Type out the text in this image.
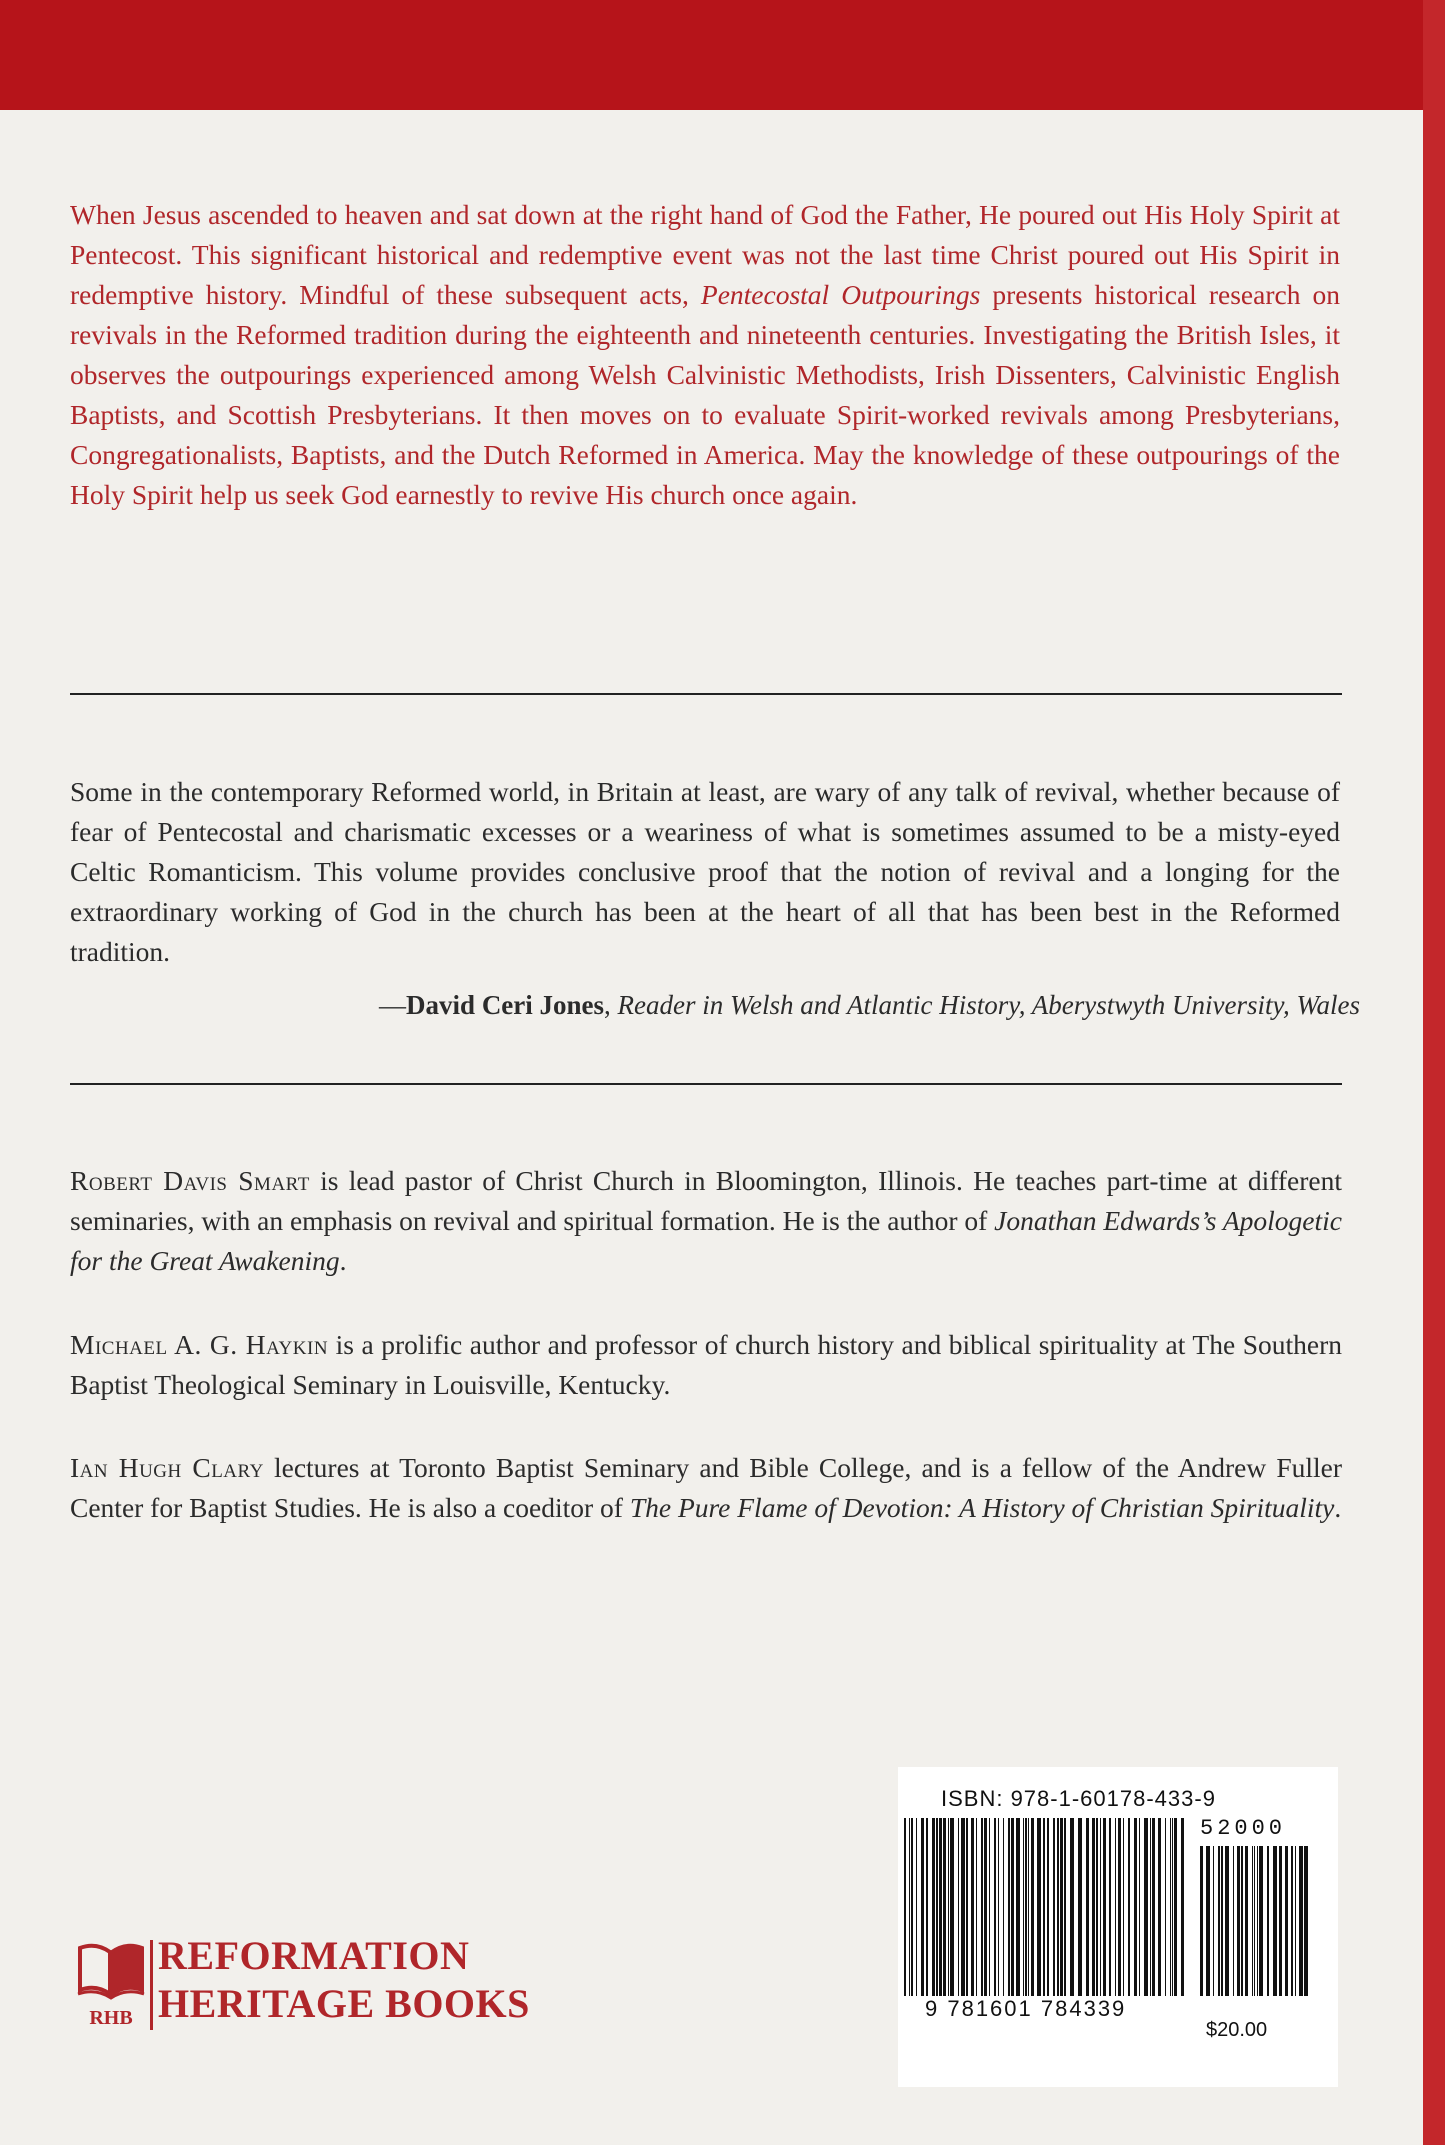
When Jesus ascended to heaven and sat down at the right hand of God the Father, He poured out His Holy Spirit at Pentecost. This significant historical and redemptive event was not the last time Christ poured out His Spirit in redemptive history. Mindful of these subsequent acts, Pentecostal Outpourings presents historical research on revivals in the Reformed tradition during the eighteenth and nineteenth centuries. Investigating the British Isles, it observes the outpourings experienced among Welsh Calvinistic Methodists, Irish Dissenters, Calvinistic English Baptists, and Scottish Presbyterians. It then moves on to evaluate Spirit-worked revivals among Presbyterians, Congregationalists, Baptists, and the Dutch Reformed in America. May the knowledge of these outpourings of the Holy Spirit help us seek God earnestly to revive His church once again.

Some in the contemporary Reformed world, in Britain at least, are wary of any talk of revival, whether because of fear of Pentecostal and charismatic excesses or a weariness of what is sometimes assumed to be a misty-eyed Celtic Romanticism. This volume provides conclusive proof that the notion of revival and a longing for the extraordinary working of God in the church has been at the heart of all that has been best in the Reformed tradition.

—David Ceri Jones, Reader in Welsh and Atlantic History, Aberystwyth University, Wales

Robert Davis Smart is lead pastor of Christ Church in Bloomington, Illinois. He teaches part-time at different seminaries, with an emphasis on revival and spiritual formation. He is the author of Jonathan Edwards’s Apologetic for the Great Awakening.

Michael A. G. Haykin is a prolific author and professor of church history and biblical spirituality at The Southern Baptist Theological Seminary in Louisville, Kentucky.

Ian Hugh Clary lectures at Toronto Baptist Seminary and Bible College, and is a fellow of the Andrew Fuller Center for Baptist Studies. He is also a coeditor of The Pure Flame of Devotion: A History of Christian Spirituality.

RHB
REFORMATION
HERITAGE BOOKS
ISBN: 978-1-60178-433-9
52000
9 781601 784339
$20.00
